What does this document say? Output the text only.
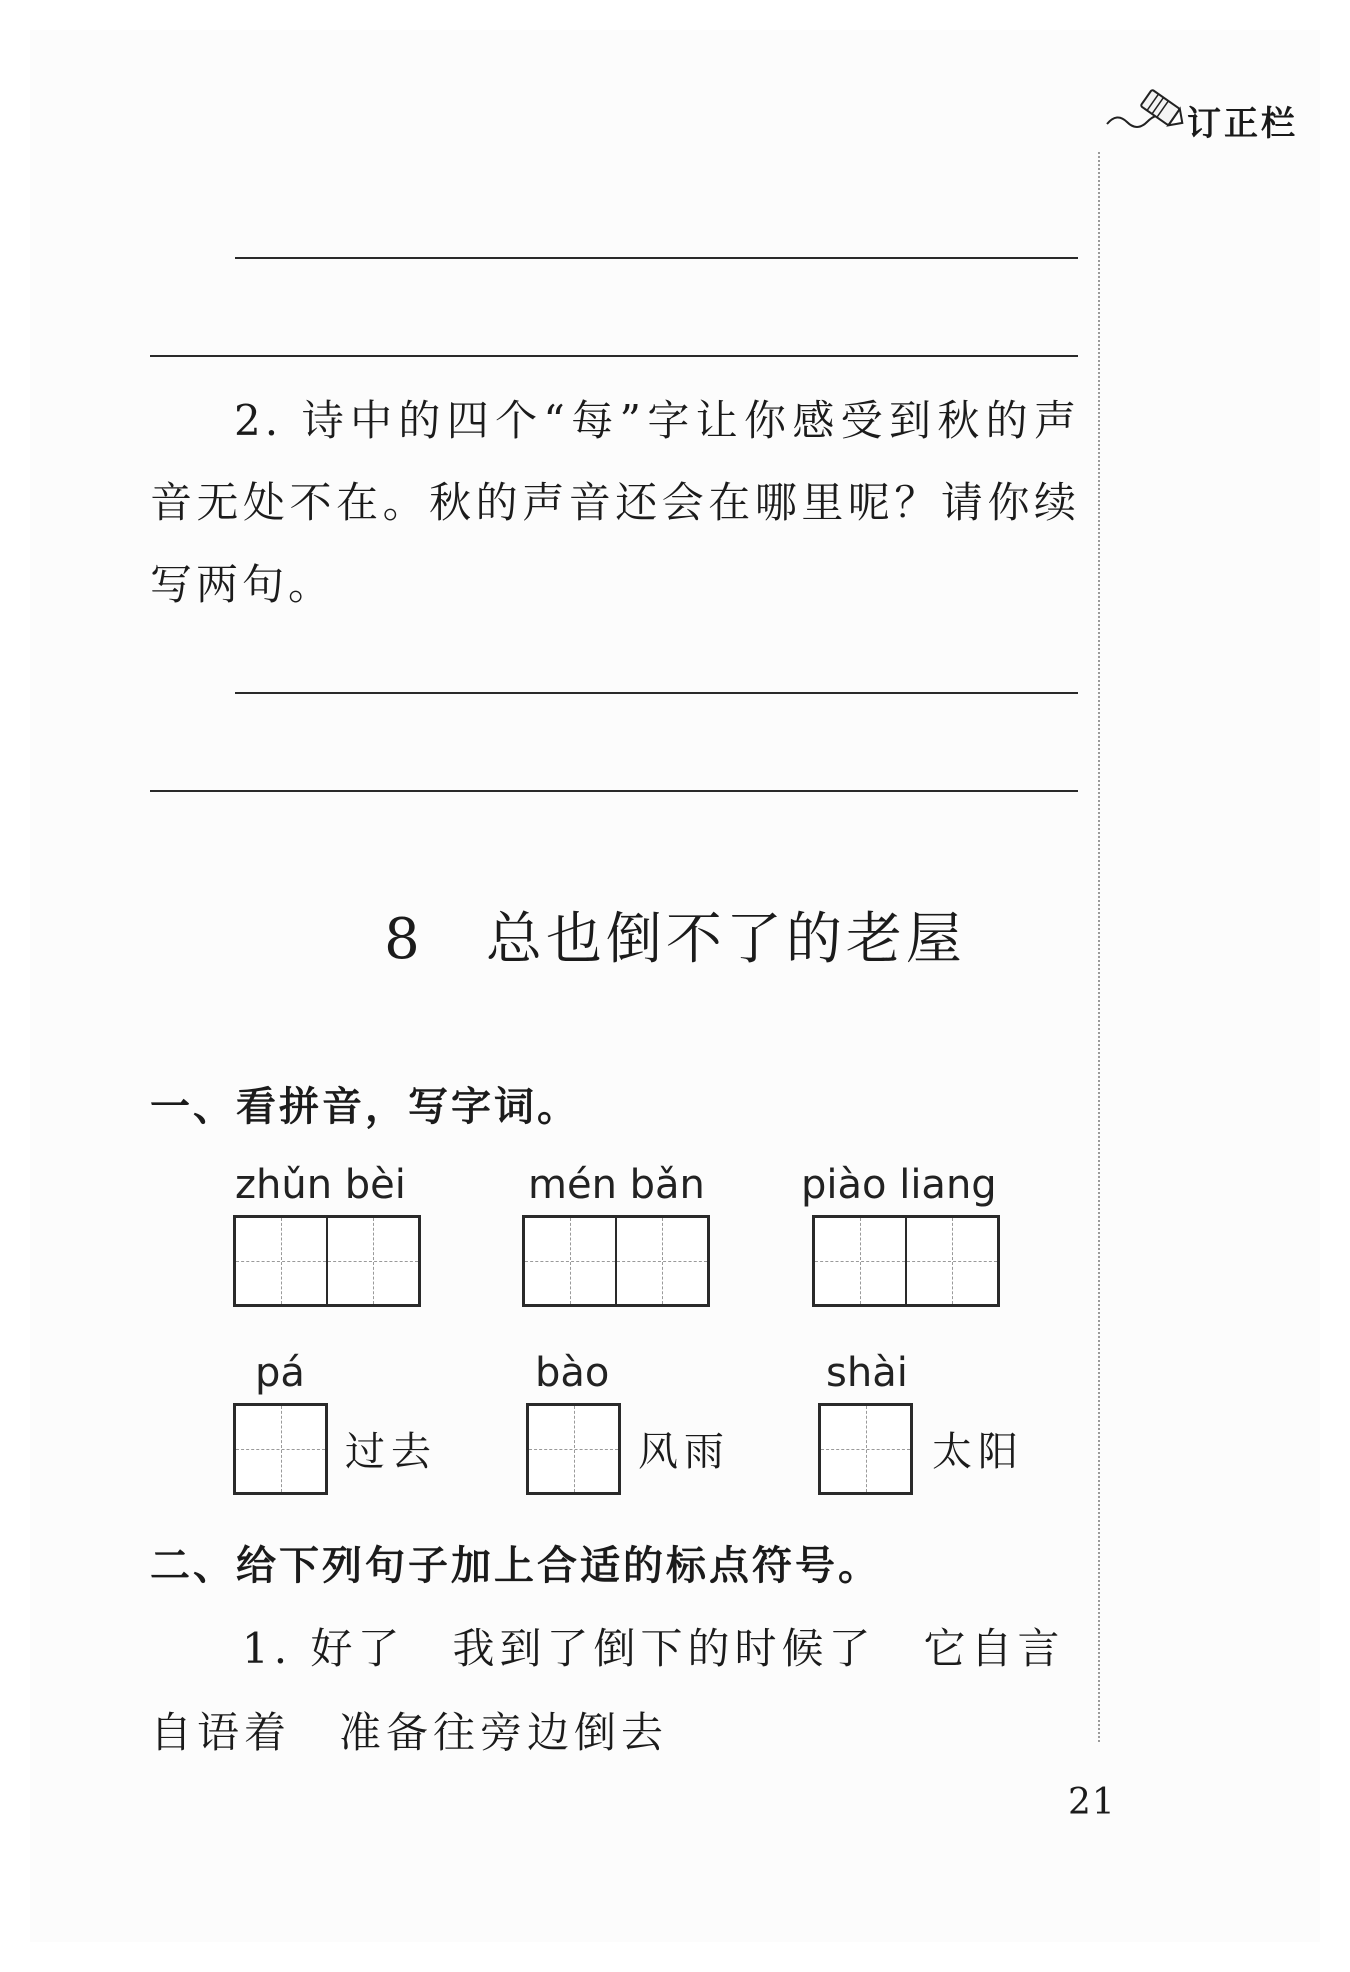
订正栏

2. 诗中的四个“每”字让你感受到秋的声音无处不在。秋的声音还会在哪里呢？请你续写两句。

8 总也倒不了的老屋
一、看拼音，写字词。
zhǔn bèi	mén bǎn piào liang
pá
过去
bào
风雨
shài
太阳
二、给下列句子加上合适的标点符号。

1. 好了 我到了倒下的时候了 它自言自语着 准备往旁边倒去

21
